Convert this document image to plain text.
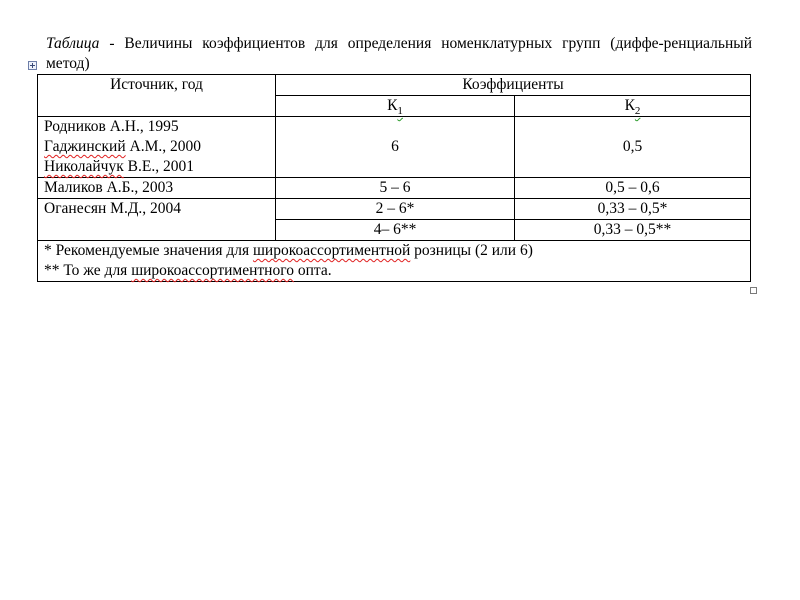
Таблица - Величины коэффициентов для определения номенклатурных групп (диффе-ренциальный метод)
Источник, год	Коэффициенты	
	$К_1$	$К_2$

Родников А.Н., 1995
Гаджинский А.М., 2000
Николайчук В.Е., 2001	6	0,5
Маликов А.Б., 2003	5 – 6	0,5 – 0,6
Оганесян М.Д., 2004	2 – 6*	0,33 – 0,5*
	4– 6**	0,33 – 0,5**

* Рекомендуемые значения для широкоассортиментной розницы (2 или 6)
** То же для широкоассортиментного опта.		
